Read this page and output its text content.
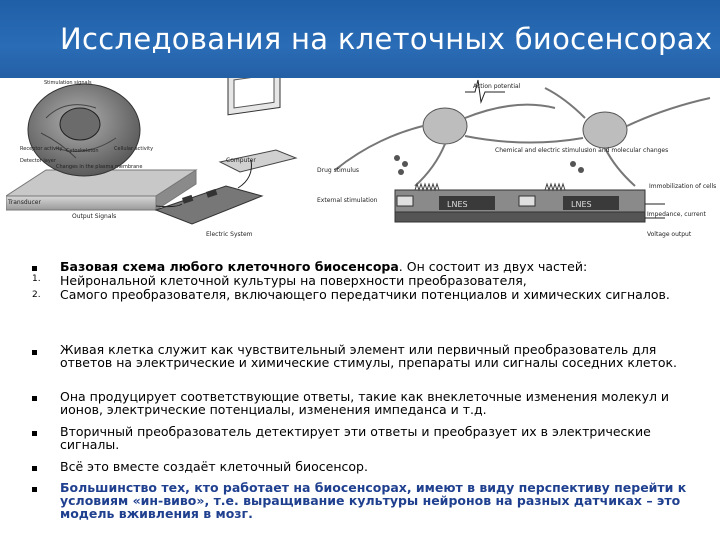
Исследования на клеточных биосенсорах
Stimulation signals
Receptor activity Cytoskeleton	Cellular activity
Detector layer
Changes in the plasma membrane
Transducer
Output Signals
Computer
Electric System
Action potential
Chemical and electric stimulus Ion and molecular changes
Drug stimulus
External stimulation
Immobilization of cells
Impedance, current
Voltage output
LNES	LNES
Базовая схема любого клеточного биосенсора. Он состоит из двух частей:
1. Нейрональной клеточной культуры на поверхности преобразователя,
2. Самого преобразователя, включающего передатчики потенциалов и химических сигналов.
Живая клетка служит как чувствительный элемент или первичный преобразователь для ответов на электрические и химические стимулы, препараты или сигналы соседних клеток.
Она продуцирует соответствующие ответы, такие как внеклеточные изменения молекул и ионов, электрические потенциалы, изменения импеданса и т.д.
Вторичный преобразователь детектирует эти ответы и преобразует их в электрические сигналы.
Всё это вместе создаёт клеточный биосенсор.
Большинство тех, кто работает на биосенсорах, имеют в виду перспективу перейти к условиям «ин-виво», т.е. выращивание культуры нейронов на разных датчиках – это модель вживления в мозг.
